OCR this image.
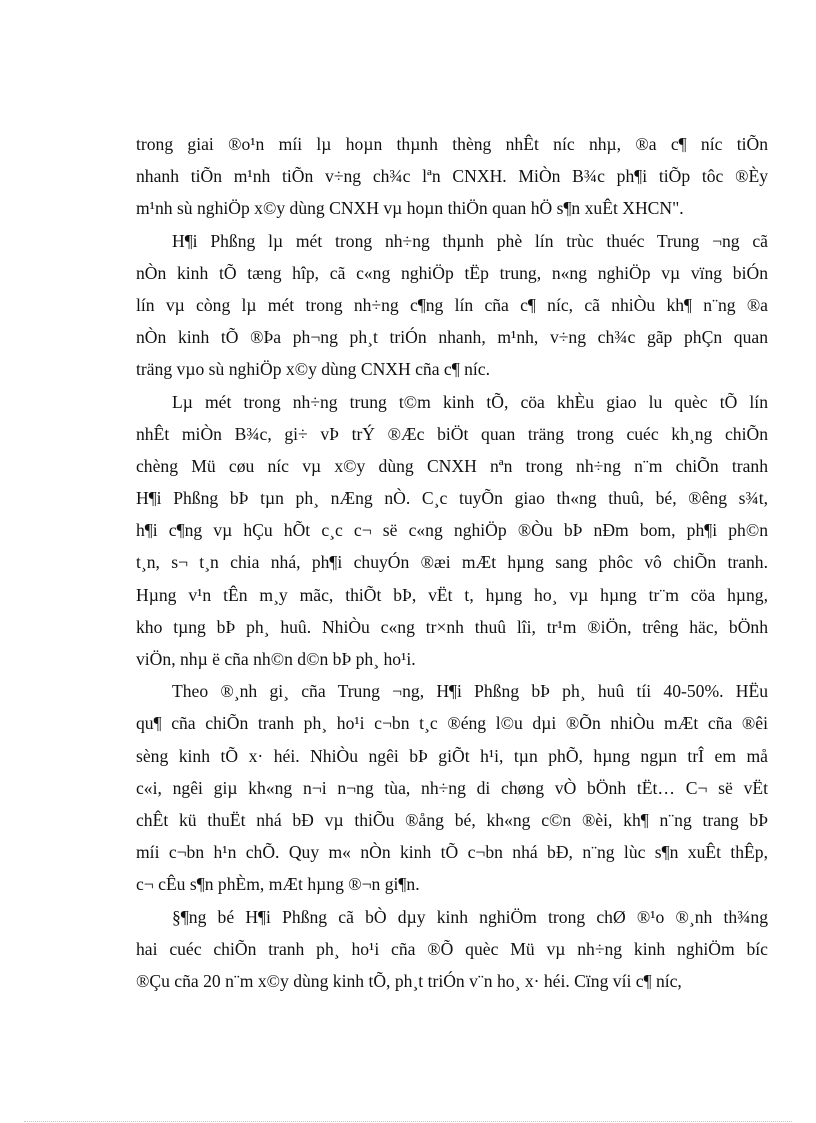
trong giai ®o¹n míi lµ hoµn thµnh thèng nhÊt níc nhµ, ®a c¶ níc tiÕn
nhanh tiÕn m¹nh tiÕn v÷ng ch¾c lªn CNXH. MiÒn B¾c ph¶i tiÕp tôc ®Èy
m¹nh sù nghiÖp x©y dùng CNXH vµ hoµn thiÖn quan hÖ s¶n xuÊt XHCN".
H¶i Phßng lµ mét trong nh÷ng thµnh phè lín trùc thuéc Trung ¬ng cã
nÒn kinh tÕ tæng hîp, cã c«ng nghiÖp tËp trung, n«ng nghiÖp vµ vïng biÓn
lín vµ còng lµ mét trong nh÷ng c¶ng lín cña c¶ níc, cã nhiÒu kh¶ n¨ng ®a
nÒn kinh tÕ ®Þa ph¬ng ph¸t triÓn nhanh, m¹nh, v÷ng ch¾c gãp phÇn quan
träng vµo sù nghiÖp x©y dùng CNXH cña c¶ níc.
Lµ mét trong nh÷ng trung t©m kinh tÕ, cöa khÈu giao lu quèc tÕ lín
nhÊt miÒn B¾c, gi÷ vÞ trÝ ®Æc biÖt quan träng trong cuéc kh¸ng chiÕn
chèng Mü cøu níc vµ x©y dùng CNXH nªn trong nh÷ng n¨m chiÕn tranh
H¶i Phßng bÞ tµn ph¸ nÆng nÒ. C¸c tuyÕn giao th«ng thuû, bé, ®êng s¾t,
h¶i c¶ng vµ hÇu hÕt c¸c c¬ së c«ng nghiÖp ®Òu bÞ nÐm bom, ph¶i ph©n
t¸n, s¬ t¸n chia nhá, ph¶i chuyÓn ®æi mÆt hµng sang phôc vô chiÕn tranh.
Hµng v¹n tÊn m¸y mãc, thiÕt bÞ, vËt t, hµng ho¸ vµ hµng tr¨m cöa hµng,
kho tµng bÞ ph¸ huû. NhiÒu c«ng tr×nh thuû lîi, tr¹m ®iÖn, trêng häc, bÖnh
viÖn, nhµ ë cña nh©n d©n bÞ ph¸ ho¹i.
Theo ®¸nh gi¸ cña Trung ¬ng, H¶i Phßng bÞ ph¸ huû tíi 40-50%. HËu
qu¶ cña chiÕn tranh ph¸ ho¹i c¬bn t¸c ®éng l©u dµi ®Õn nhiÒu mÆt cña ®êi
sèng kinh tÕ x· héi. NhiÒu ngêi bÞ giÕt h¹i, tµn phÕ, hµng ngµn trÎ em må
c«i, ngêi giµ kh«ng n¬i n¬ng tùa, nh÷ng di chøng vÒ bÖnh tËt… C¬ së vËt
chÊt kü thuËt nhá bÐ vµ thiÕu ®ång bé, kh«ng c©n ®èi, kh¶ n¨ng trang bÞ
míi c¬bn h¹n chÕ. Quy m« nÒn kinh tÕ c¬bn nhá bÐ, n¨ng lùc s¶n xuÊt thÊp,
c¬ cÊu s¶n phÈm, mÆt hµng ®¬n gi¶n.
§¶ng bé H¶i Phßng cã bÒ dµy kinh nghiÖm trong chØ ®¹o ®¸nh th¾ng
hai cuéc chiÕn tranh ph¸ ho¹i cña ®Õ quèc Mü vµ nh÷ng kinh nghiÖm bíc
®Çu cña 20 n¨m x©y dùng kinh tÕ, ph¸t triÓn v¨n ho¸ x· héi. Cïng víi c¶ níc,
